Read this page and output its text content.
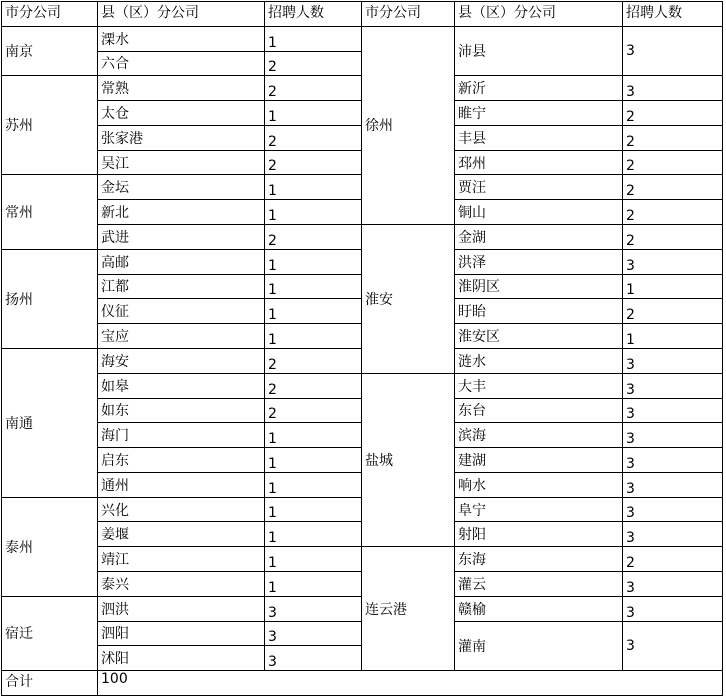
市分公司	县（区）分公司	招聘人数	市分公司	县（区）分公司	招聘人数
南京	溧水	1	徐州	沛县	3
	六合	2			
苏州	常熟	2		新沂	3
	太仓	1		睢宁	2
	张家港	2		丰县	2
	吴江	2		邳州	2
常州	金坛	1		贾汪	2
	新北	1		铜山	2
	武进	2	淮安	金湖	2
扬州	高邮	1		洪泽	3
	江都	1		淮阴区	1
	仪征	1		盱眙	2
	宝应	1		淮安区	1
南通	海安	2		涟水	3
	如皋	2	盐城	大丰	3
	如东	2		东台	3
	海门	1		滨海	3
	启东	1		建湖	3
	通州	1		响水	3
泰州	兴化	1		阜宁	3
	姜堰	1		射阳	3
	靖江	1	连云港	东海	2
	泰兴	1		灌云	3
宿迁	泗洪	3		赣榆	3
	泗阳	3		灌南	3
	沭阳	3			
合计	100				
